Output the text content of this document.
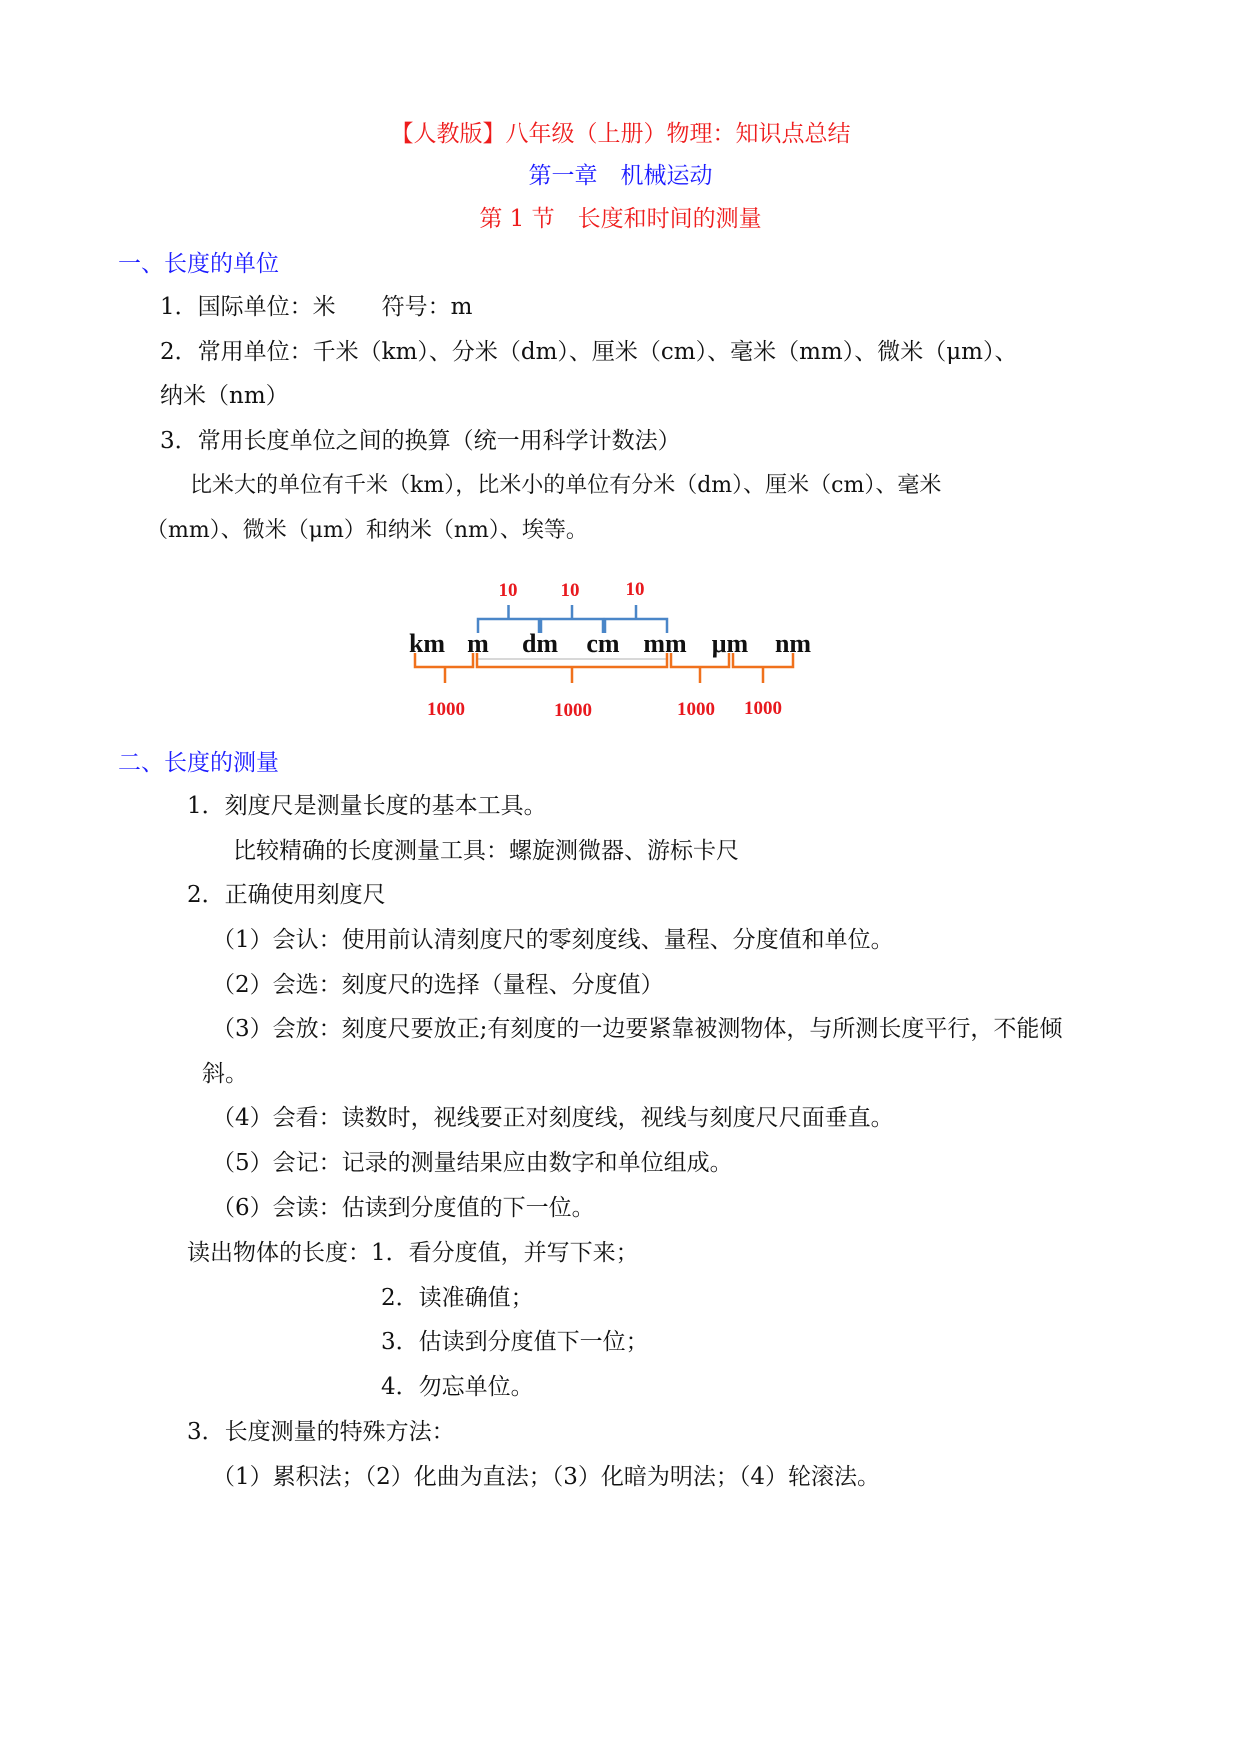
【人教版】八年级（上册）物理：知识点总结
第一章　机械运动
第 1 节　长度和时间的测量
一、长度的单位
1．国际单位：米　　符号：m
2．常用单位：千米（km）、分米（dm）、厘米（cm）、毫米（mm）、微米（μm）、
纳米（nm）
3．常用长度单位之间的换算（统一用科学计数法）
比米大的单位有千米（km），比米小的单位有分米（dm）、厘米（cm）、毫米
（mm）、微米（μm）和纳米（nm）、埃等。
10 10 10
km m dm cm mm μm nm
1000	1000	1000 1000
二、长度的测量
1．刻度尺是测量长度的基本工具。
比较精确的长度测量工具：螺旋测微器、游标卡尺
2．正确使用刻度尺
（1）会认：使用前认清刻度尺的零刻度线、量程、分度值和单位。
（2）会选：刻度尺的选择（量程、分度值）
（3）会放：刻度尺要放正;有刻度的一边要紧靠被测物体，与所测长度平行，不能倾
斜。
（4）会看：读数时，视线要正对刻度线，视线与刻度尺尺面垂直。
（5）会记：记录的测量结果应由数字和单位组成。
（6）会读：估读到分度值的下一位。
读出物体的长度：1．看分度值，并写下来；
2．读准确值；
3．估读到分度值下一位；
4．勿忘单位。
3．长度测量的特殊方法：
（1）累积法；（2）化曲为直法；（3）化暗为明法；（4）轮滚法。
